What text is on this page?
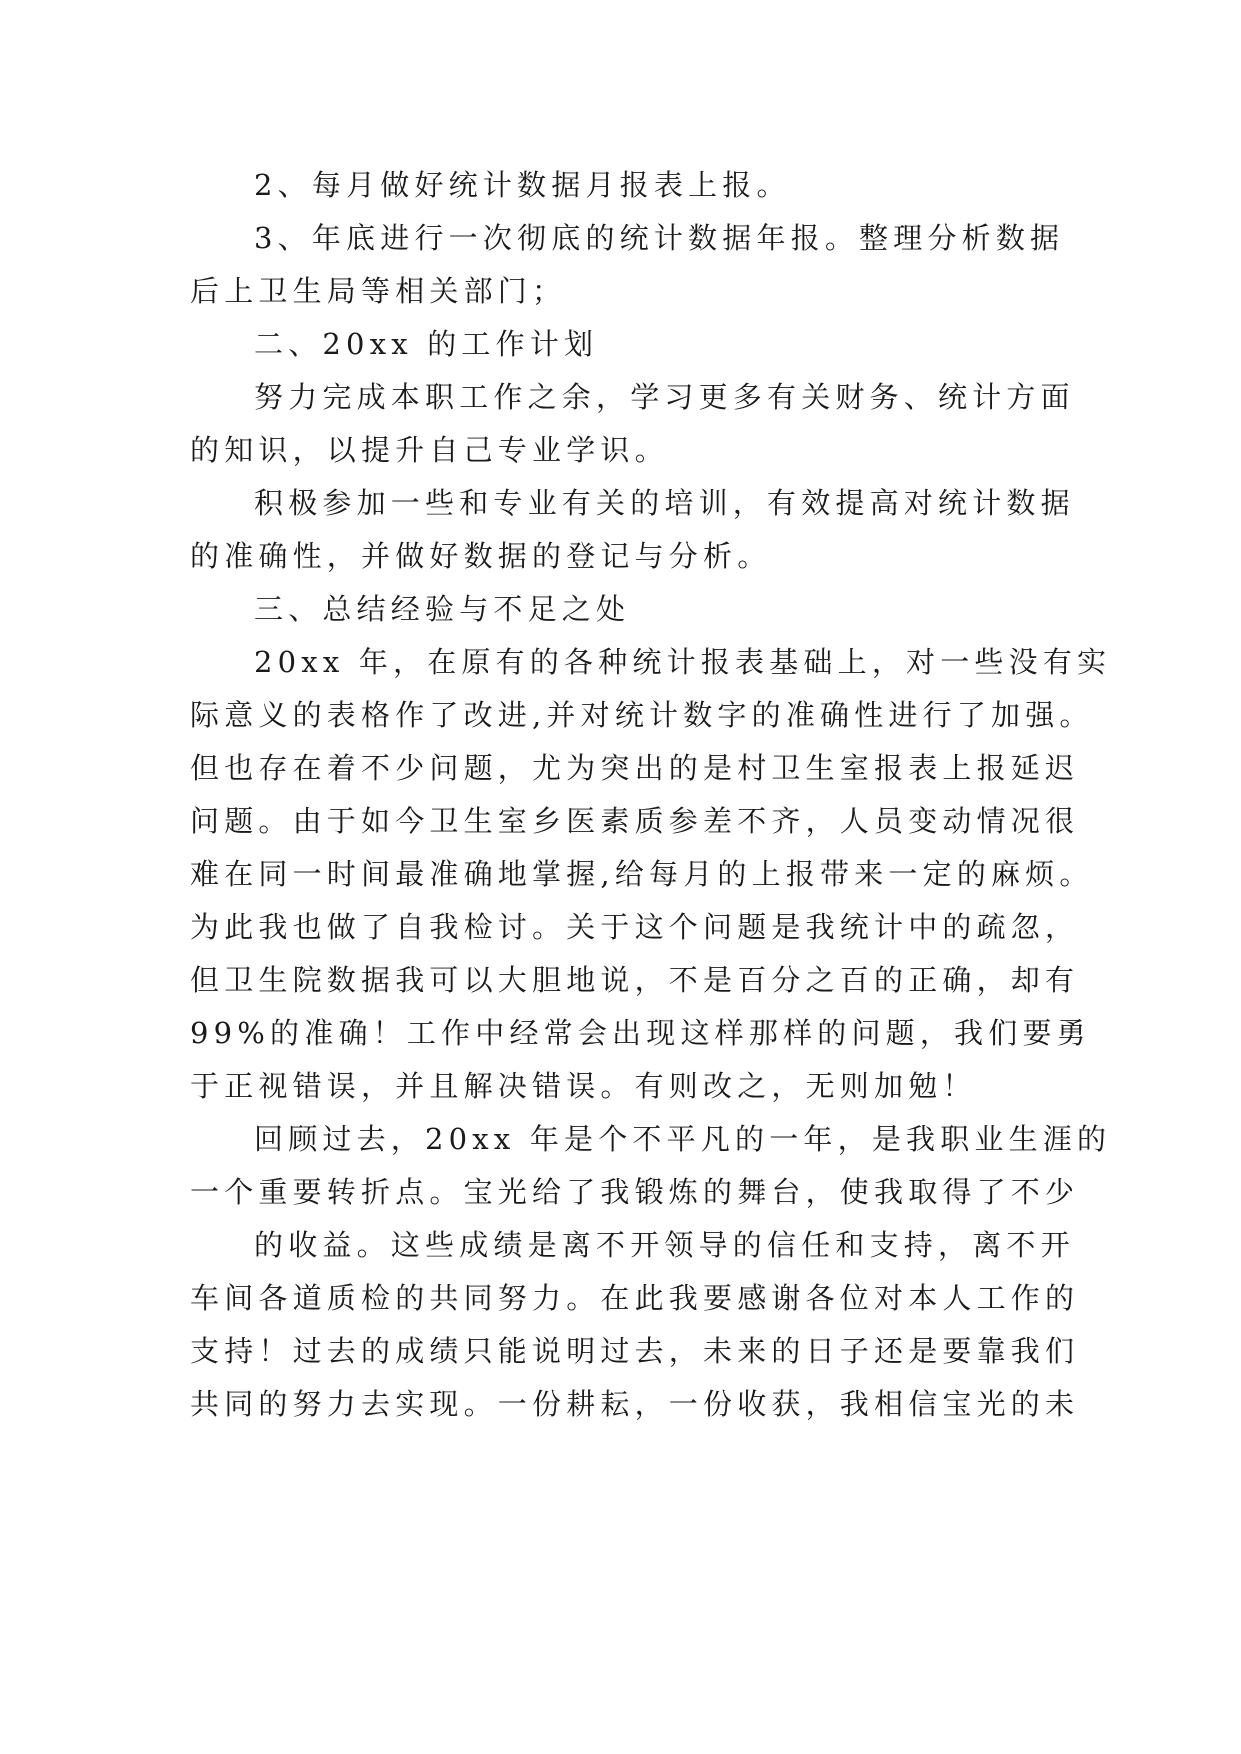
2、每月做好统计数据月报表上报。

3、年底进行一次彻底的统计数据年报。整理分析数据

后上卫生局等相关部门；

二、20xx 的工作计划

努力完成本职工作之余，学习更多有关财务、统计方面

的知识，以提升自己专业学识。

积极参加一些和专业有关的培训，有效提高对统计数据

的准确性，并做好数据的登记与分析。

三、总结经验与不足之处

20xx 年，在原有的各种统计报表基础上，对一些没有实

际意义的表格作了改进,并对统计数字的准确性进行了加强。

但也存在着不少问题，尤为突出的是村卫生室报表上报延迟

问题。由于如今卫生室乡医素质参差不齐，人员变动情况很

难在同一时间最准确地掌握,给每月的上报带来一定的麻烦。

为此我也做了自我检讨。关于这个问题是我统计中的疏忽，

但卫生院数据我可以大胆地说，不是百分之百的正确，却有

99%的准确！工作中经常会出现这样那样的问题，我们要勇

于正视错误，并且解决错误。有则改之，无则加勉！

回顾过去，20xx 年是个不平凡的一年，是我职业生涯的

一个重要转折点。宝光给了我锻炼的舞台，使我取得了不少

的收益。这些成绩是离不开领导的信任和支持，离不开

车间各道质检的共同努力。在此我要感谢各位对本人工作的

支持！过去的成绩只能说明过去，未来的日子还是要靠我们

共同的努力去实现。一份耕耘，一份收获，我相信宝光的未
